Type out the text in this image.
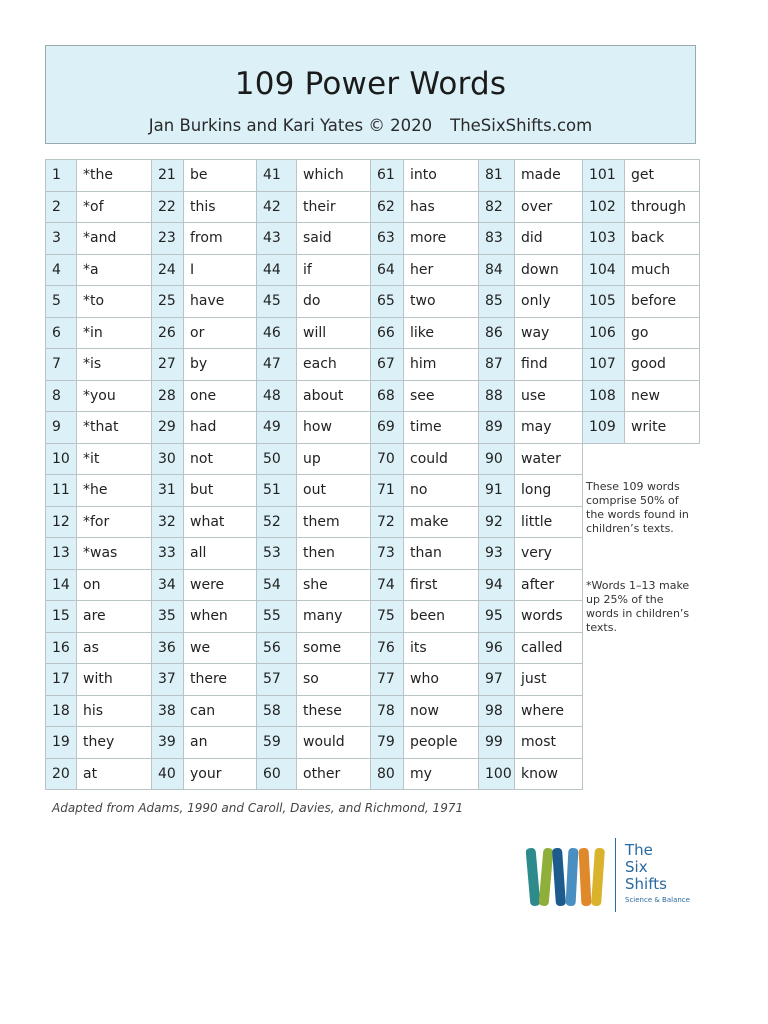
109 Power Words
Jan Burkins and Kari Yates © 2020 TheSixShifts.com
1	*the	21	be	41	which	61	into	81	made	101	get
2	*of	22	this	42	their	62	has	82	over	102	through
3	*and	23	from	43	said	63	more	83	did	103	back
4	*a	24	I	44	if	64	her	84	down	104	much
5	*to	25	have	45	do	65	two	85	only	105	before
6	*in	26	or	46	will	66	like	86	way	106	go
7	*is	27	by	47	each	67	him	87	find	107	good
8	*you	28	one	48	about	68	see	88	use	108	new
9	*that	29	had	49	how	69	time	89	may	109	write
10	*it	30	not	50	up	70	could	90	water		
11	*he	31	but	51	out	71	no	91	long		
12	*for	32	what	52	them	72	make	92	little		
13	*was	33	all	53	then	73	than	93	very		
14	on	34	were	54	she	74	first	94	after		
15	are	35	when	55	many	75	been	95	words		
16	as	36	we	56	some	76	its	96	called		
17	with	37	there	57	so	77	who	97	just		
18	his	38	can	58	these	78	now	98	where		
19	they	39	an	59	would	79	people	99	most		
20	at	40	your	60	other	80	my	100	know		
These 109 words comprise 50% of the words found in children’s texts.
*Words 1–13 make up 25% of the words in children’s texts.
Adapted from Adams, 1990 and Caroll, Davies, and Richmond, 1971
The
Six
Shifts
Science & Balance
